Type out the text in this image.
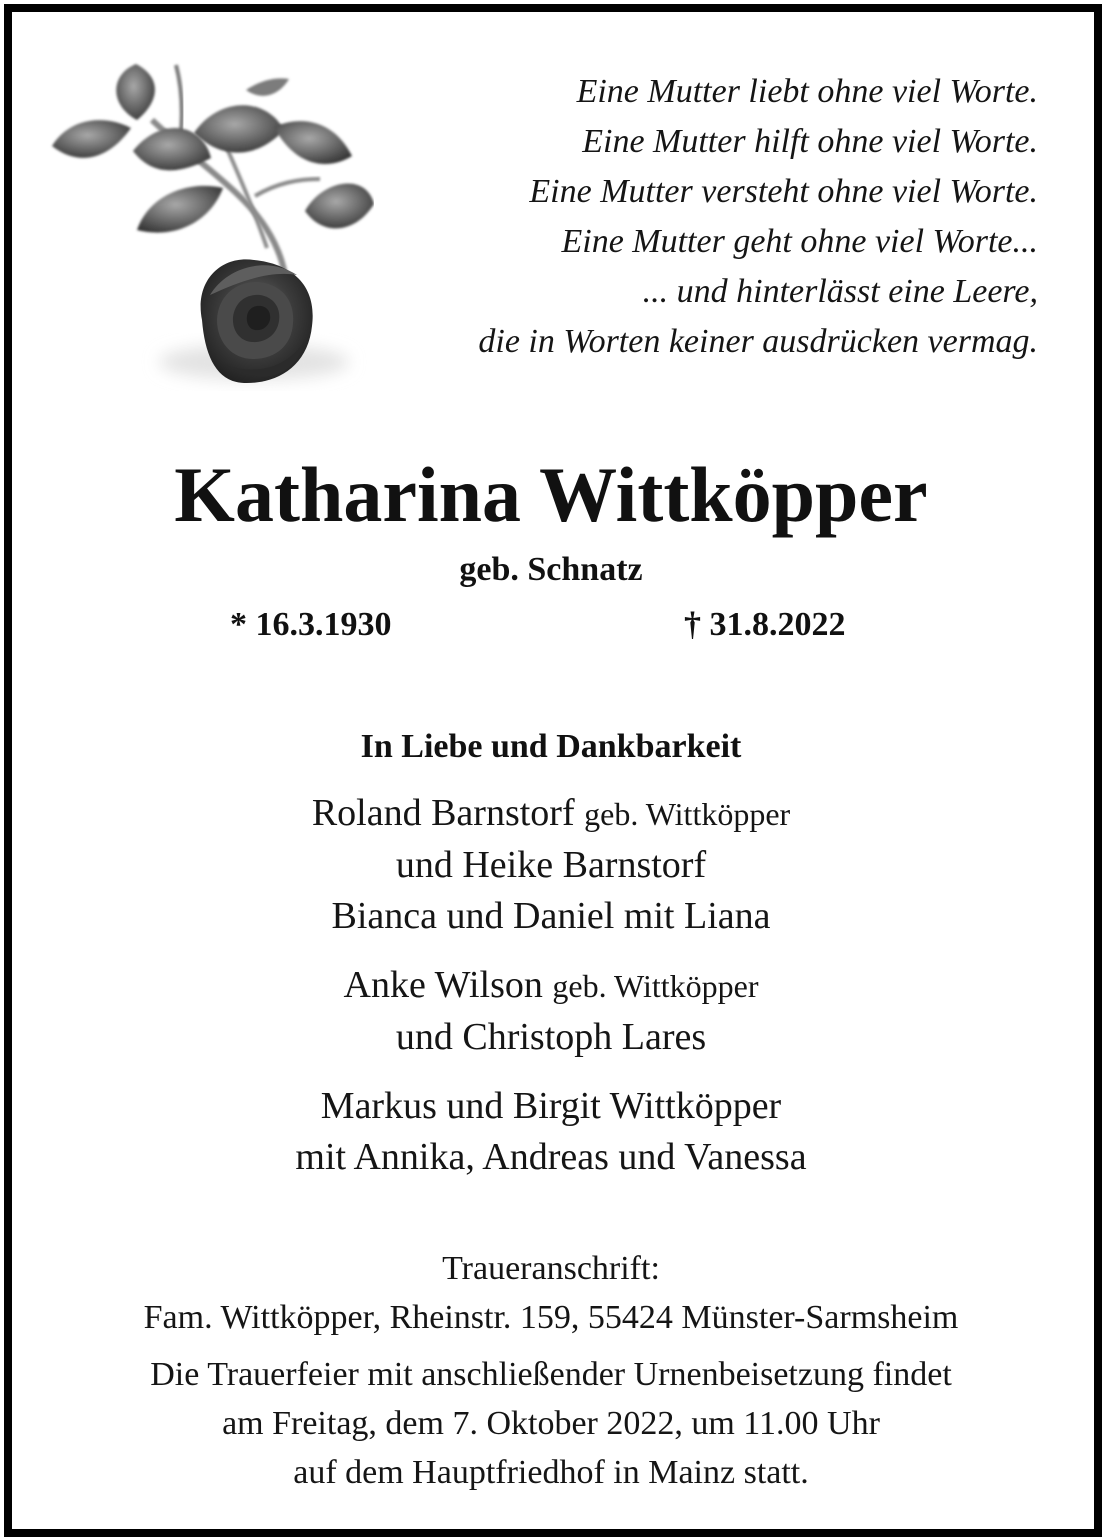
Eine Mutter liebt ohne viel Worte.
Eine Mutter hilft ohne viel Worte.
Eine Mutter versteht ohne viel Worte.
Eine Mutter geht ohne viel Worte...
... und hinterlässt eine Leere,
die in Worten keiner ausdrücken vermag.
Katharina Wittköpper
geb. Schnatz
* 16.3.1930	† 31.8.2022
In Liebe und Dankbarkeit
Roland Barnstorf geb. Wittköpper
und Heike Barnstorf
Bianca und Daniel mit Liana
Anke Wilson geb. Wittköpper
und Christoph Lares
Markus und Birgit Wittköpper
mit Annika, Andreas und Vanessa
Traueranschrift:
Fam. Wittköpper, Rheinstr. 159, 55424 Münster-Sarmsheim
Die Trauerfeier mit anschließender Urnenbeisetzung findet
am Freitag, dem 7. Oktober 2022, um 11.00 Uhr
auf dem Hauptfriedhof in Mainz statt.
